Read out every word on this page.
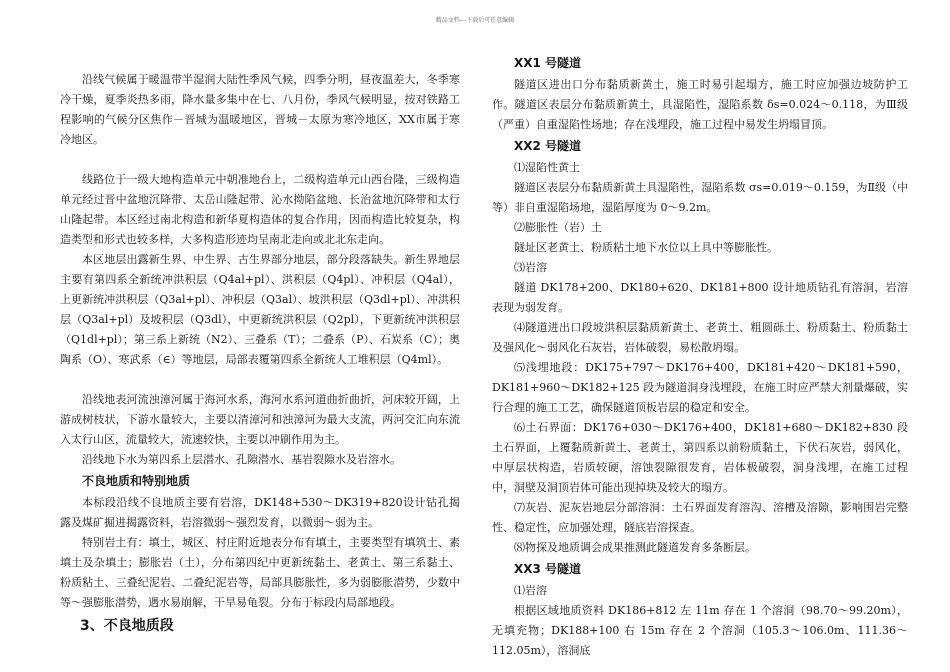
精品文档---下载后可任意编辑

沿线气候属于暖温带半湿润大陆性季风气候，四季分明，昼夜温差大，冬季寒冷干燥，夏季炎热多雨，降水量多集中在七、八月份，季风气候明显，按对铁路工程影响的气候分区焦作－晋城为温暖地区，晋城－太原为寒冷地区，XX市属于寒冷地区。

线路位于一级大地构造单元中朝准地台上，二级构造单元山西台隆，三级构造单元经过晋中盆地沉降带、太岳山隆起带、沁水拗陷盆地、长治盆地沉降带和太行山隆起带。本区经过南北构造和新华夏构造体的复合作用，因而构造比较复杂，构造类型和形式也较多样，大多构造形迹均呈南北走向或北北东走向。

本区地层出露新生界、中生界、古生界部分地层，部分段落缺失。新生界地层主要有第四系全新统冲洪积层（Q4al+pl）、洪积层（Q4pl）、冲积层（Q4al），上更新统冲洪积层（Q3al+pl）、冲积层（Q3al）、坡洪积层（Q3dl+pl）、冲洪积层（Q3al+pl）及坡积层（Q3dl），中更新统洪积层（Q2pl），下更新统冲洪积层（Q1dl+pl）；第三系上新统（N2）、三叠系（T）；二叠系（P）、石炭系（C）；奥陶系（O）、寒武系（∈）等地层，局部表覆第四系全新统人工堆积层（Q4ml）。

沿线地表河流浊漳河属于海河水系，海河水系河道曲折曲折，河床较开阔，上游成树枝状，下游水量较大，主要以清漳河和浊漳河为最大支流，两河交汇向东流入太行山区，流量较大，流速较快，主要以冲刷作用为主。

沿线地下水为第四系上层潜水、孔隙潜水、基岩裂隙水及岩溶水。

不良地质和特别地质

本标段沿线不良地质主要有岩溶，DK148+530～DK319+820设计钻孔揭露及煤矿掘进揭露资料，岩溶微弱～强烈发育，以微弱～弱为主。

特别岩土有：填土，城区、村庄附近地表分布有填土，主要类型有填筑土、素填土及杂填土；膨胀岩（土），分布第四纪中更新统黏土、老黄土、第三系黏土、粉质粘土、三叠纪泥岩、二叠纪泥岩等，局部具膨胀性，多为弱膨胀潜势，少数中等～强膨胀潜势，遇水易崩解，干旱易龟裂。分布于标段内局部地段。

3、不良地质段
XX1 号隧道

隧道区进出口分布黏质新黄土，施工时易引起塌方，施工时应加强边坡防护工作。隧道区表层分布黏质新黄土，具湿陷性，湿陷系数 δs=0.024～0.118，为Ⅲ级（严重）自重湿陷性场地；存在浅埋段，施工过程中易发生坍塌冒顶。

XX2 号隧道

⑴湿陷性黄土

隧道区表层分布黏质新黄土具湿陷性，湿陷系数 σs=0.019～0.159，为Ⅱ级（中等）非自重湿陷场地，湿陷厚度为 0～9.2m。

⑵膨胀性（岩）土

隧址区老黄土、粉质粘土地下水位以上具中等膨胀性。

⑶岩溶

隧道 DK178+200、DK180+620、DK181+800 设计地质钻孔有溶洞，岩溶表现为弱发育。

⑷隧道进出口段坡洪积层黏质新黄土、老黄土、粗圆砾土、粉质黏土、粉质黏土及强风化～弱风化石灰岩，岩体破裂，易松散坍塌。

⑸浅埋地段：DK175+797～DK176+400，DK181+420～DK181+590，DK181+960～DK182+125 段为隧道洞身浅埋段，在施工时应严禁大剂量爆破，实行合理的施工工艺，确保隧道顶板岩层的稳定和安全。

⑹土石界面：DK176+030～DK176+400，DK181+680～DK182+830 段土石界面，上覆黏质新黄土、老黄土，第四系以前粉质黏土，下伏石灰岩，弱风化，中厚层状构造，岩质较硬，溶蚀裂隙很发育，岩体极破裂，洞身浅埋，在施工过程中，洞壁及洞顶岩体可能出现掉块及较大的塌方。

⑺灰岩、泥灰岩地层分部溶洞：土石界面发育溶沟、溶槽及溶隙，影响围岩完整性、稳定性，应加强处理，隧底岩溶探查。

⑻物探及地质调会成果推测此隧道发育多条断层。

XX3 号隧道

⑴岩溶

根据区域地质资料 DK186+812 左 11m 存在 1 个溶洞（98.70～99.20m），无填充物；DK188+100 右 15m 存在 2 个溶洞（105.3～106.0m、111.36～112.05m），溶洞底
